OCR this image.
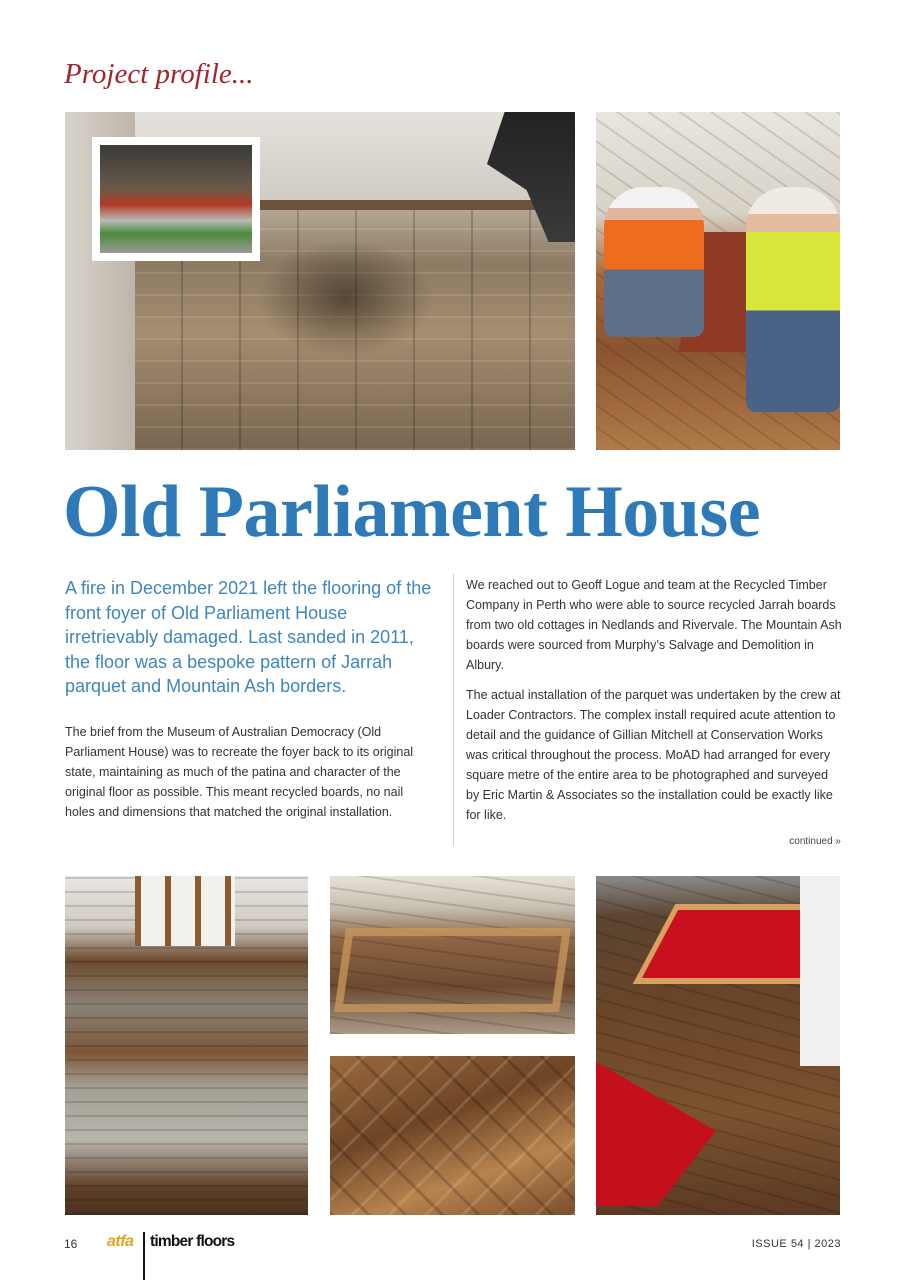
Project profile...
Old Parliament House

A fire in December 2021 left the flooring of the front foyer of Old Parliament House irretrievably damaged. Last sanded in 2011, the floor was a bespoke pattern of Jarrah parquet and Mountain Ash borders.

The brief from the Museum of Australian Democracy (Old Parliament House) was to recreate the foyer back to its original state, maintaining as much of the patina and character of the original floor as possible. This meant recycled boards, no nail holes and dimensions that matched the original installation.

We reached out to Geoff Logue and team at the Recycled Timber Company in Perth who were able to source recycled Jarrah boards from two old cottages in Nedlands and Rivervale. The Mountain Ash boards were sourced from Murphy’s Salvage and Demolition in Albury.

The actual installation of the parquet was undertaken by the crew at Loader Contractors. The complex install required acute attention to detail and the guidance of Gillian Mitchell at Conservation Works was critical throughout the process. MoAD had arranged for every square metre of the entire area to be photographed and surveyed by Eric Martin & Associates so the installation could be exactly like for like.

continued »
16 atfa timber floors	ISSUE 54 | 2023
